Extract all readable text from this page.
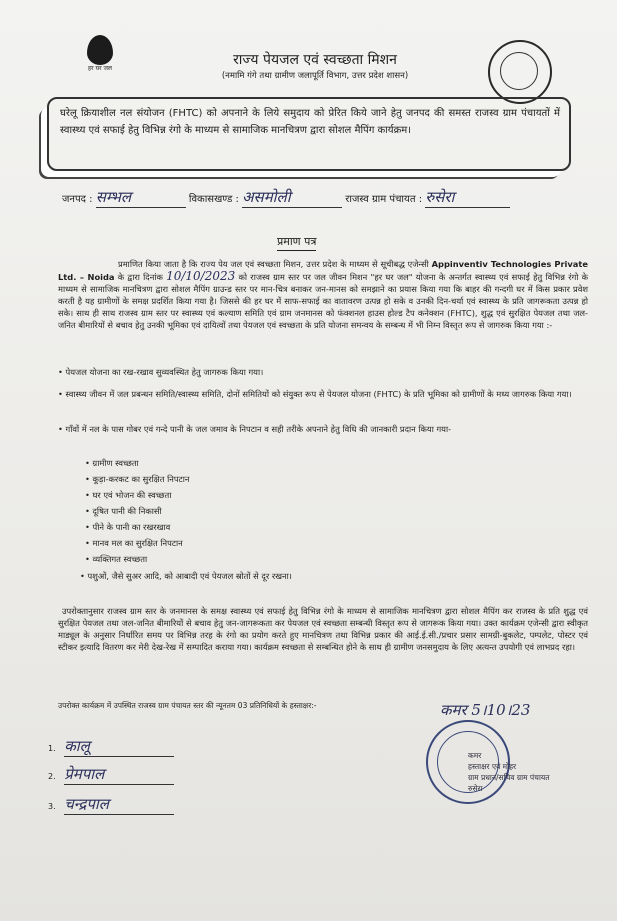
हर घर जल
राज्य पेयजल एवं स्वच्छता मिशन
(नमामि गंगे तथा ग्रामीण जलापूर्ति विभाग, उत्तर प्रदेश शासन)
घरेलू क्रियाशील नल संयोजन (FHTC) को अपनाने के लिये समुदाय को प्रेरित किये जाने हेतु जनपद की समस्त राजस्व ग्राम पंचायतों में स्वास्थ्य एवं सफाई हेतु विभिन्न रंगो के माध्यम से सामाजिक मानचित्रण द्वारा सोशल मैपिंग कार्यक्रम।
जनपद : सम्भल	विकासखण्ड : असमोली	राजस्व ग्राम पंचायत : रुसेरा
प्रमाण पत्र
प्रमाणित किया जाता है कि राज्य पेय जल एवं स्वच्छता मिशन, उत्तर प्रदेश के माध्यम से सूचीबद्ध एजेन्सी Appinventiv Technologies Private Ltd. – Noida के द्वारा दिनांक 10/10/2023 को राजस्व ग्राम स्तर पर जल जीवन मिशन "हर घर जल" योजना के अन्तर्गत स्वास्थ्य एवं सफाई हेतु विभिन्न रंगो के माध्यम से सामाजिक मानचित्रण द्वारा सोशल मैपिंग ग्राउन्ड स्तर पर मान-चित्र बनाकर जन-मानस को समझाने का प्रयास किया गया कि बाहर की गन्दगी घर में किस प्रकार प्रवेश करती है यह ग्रामीणों के समक्ष प्रदर्शित किया गया है। जिससे की हर घर में साफ-सफाई का वातावरण उत्पन्न हो सके व उनकी दिन-चर्या एवं स्वास्थ्य के प्रति जागरूकता उत्पन्न हो सके। साथ ही साथ राजस्व ग्राम स्तर पर स्वास्थ्य एवं कल्याण समिति एवं ग्राम जनमानस को फंक्शनल हाउस होल्ड टैप कनेक्शन (FHTC), शुद्ध एवं सुरक्षित पेयजल तथा जल-जनित बीमारियों से बचाव हेतु उनकी भूमिका एवं दायित्वों तथा पेयजल एवं स्वच्छता के प्रति योजना समन्वय के सम्बन्ध में भी निम्न विस्तृत रूप से जागरुक किया गया :-
• पेयजल योजना का रख-रखाव सुव्यवस्थित हेतु जागरुक किया गया।
• स्वास्थ्य जीवन में जल प्रबन्धन समिति/स्वास्थ्य समिति, दोनों समितियों को संयुक्त रूप से पेयजल योजना (FHTC) के प्रति भूमिका को ग्रामीणों के मध्य जागरुक किया गया।
• गाँवों में नल के पास गोबर एवं गन्दे पानी के जल जमाव के निपटान व सही तरीके अपनाने हेतु विधि की जानकारी प्रदान किया गया-
• ग्रामीण स्वच्छता
• कूड़ा-करकट का सुरक्षित निपटान
• घर एवं भोजन की स्वच्छता
• दूषित पानी की निकासी
• पीने के पानी का रखरखाव
• मानव मल का सुरक्षित निपटान
• व्यक्तिगत स्वच्छता
• पशुओं, जैसे सुअर आदि, को आबादी एवं पेयजल स्रोतों से दूर रखना।
उपरोक्तानुसार राजस्व ग्राम स्तर के जनमानस के समक्ष स्वास्थ्य एवं सफाई हेतु विभिन्न रंगो के माध्यम से सामाजिक मानचित्रण द्वारा सोशल मैपिंग कर राजस्व के प्रति शुद्ध एवं सुरक्षित पेयजल तथा जल-जनित बीमारियों से बचाव हेतु जन-जागरूकता कर पेयजल एवं स्वच्छता सम्बन्धी विस्तृत रूप से जागरूक किया गया। उक्त कार्यक्रम एजेन्सी द्वारा स्वीकृत माड्यूल के अनुसार निर्धारित समय पर विभिन्न तरह के रंगो का प्रयोग करते हुए मानचित्रण तथा विभिन्न प्रकार की आई.ई.सी./प्रचार प्रसार सामग्री-बुकलेट, पम्पलेट, पोस्टर एवं स्टीकर इत्यादि वितरण कर मेरी देख-रेख में सम्पादित कराया गया। कार्यक्रम स्वच्छता से सम्बन्धित होने के साथ ही ग्रामीण जनसमुदाय के लिए अत्यन्त उपयोगी एवं लाभप्रद रहा।
उपरोक्त कार्यक्रम में उपस्थित राजस्व ग्राम पंचायत स्तर की न्यूनतम 03 प्रतिनिधियों के हस्ताक्षर:-
1. कालू
2. प्रेमपाल
3. चन्द्रपाल
कमर 5।10।23
कमर
हस्ताक्षर एवं मोहर
ग्राम प्रधान/सचिव ग्राम पंचायत
रुसेरा
